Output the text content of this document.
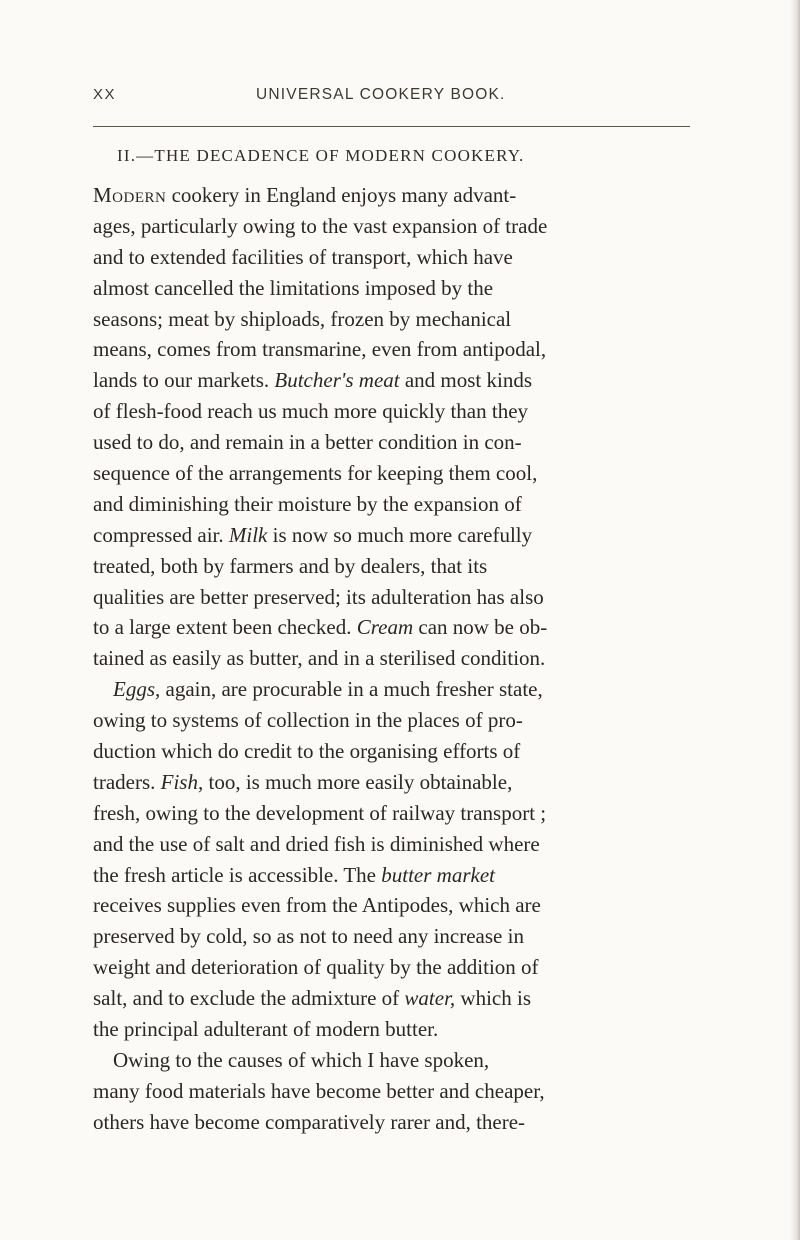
XX	UNIVERSAL COOKERY BOOK.
II.—THE DECADENCE OF MODERN COOKERY.
Modern cookery in England enjoys many advant-
ages, particularly owing to the vast expansion of trade
and to extended facilities of transport, which have
almost cancelled the limitations imposed by the
seasons; meat by shiploads, frozen by mechanical
means, comes from transmarine, even from antipodal,
lands to our markets. Butcher's meat and most kinds
of flesh-food reach us much more quickly than they
used to do, and remain in a better condition in con-
sequence of the arrangements for keeping them cool,
and diminishing their moisture by the expansion of
compressed air. Milk is now so much more carefully
treated, both by farmers and by dealers, that its
qualities are better preserved; its adulteration has also
to a large extent been checked. Cream can now be ob-
tained as easily as butter, and in a sterilised condition.
Eggs, again, are procurable in a much fresher state,
owing to systems of collection in the places of pro-
duction which do credit to the organising efforts of
traders. Fish, too, is much more easily obtainable,
fresh, owing to the development of railway transport ;
and the use of salt and dried fish is diminished where
the fresh article is accessible. The butter market
receives supplies even from the Antipodes, which are
preserved by cold, so as not to need any increase in
weight and deterioration of quality by the addition of
salt, and to exclude the admixture of water, which is
the principal adulterant of modern butter.
Owing to the causes of which I have spoken,
many food materials have become better and cheaper,
others have become comparatively rarer and, there-
